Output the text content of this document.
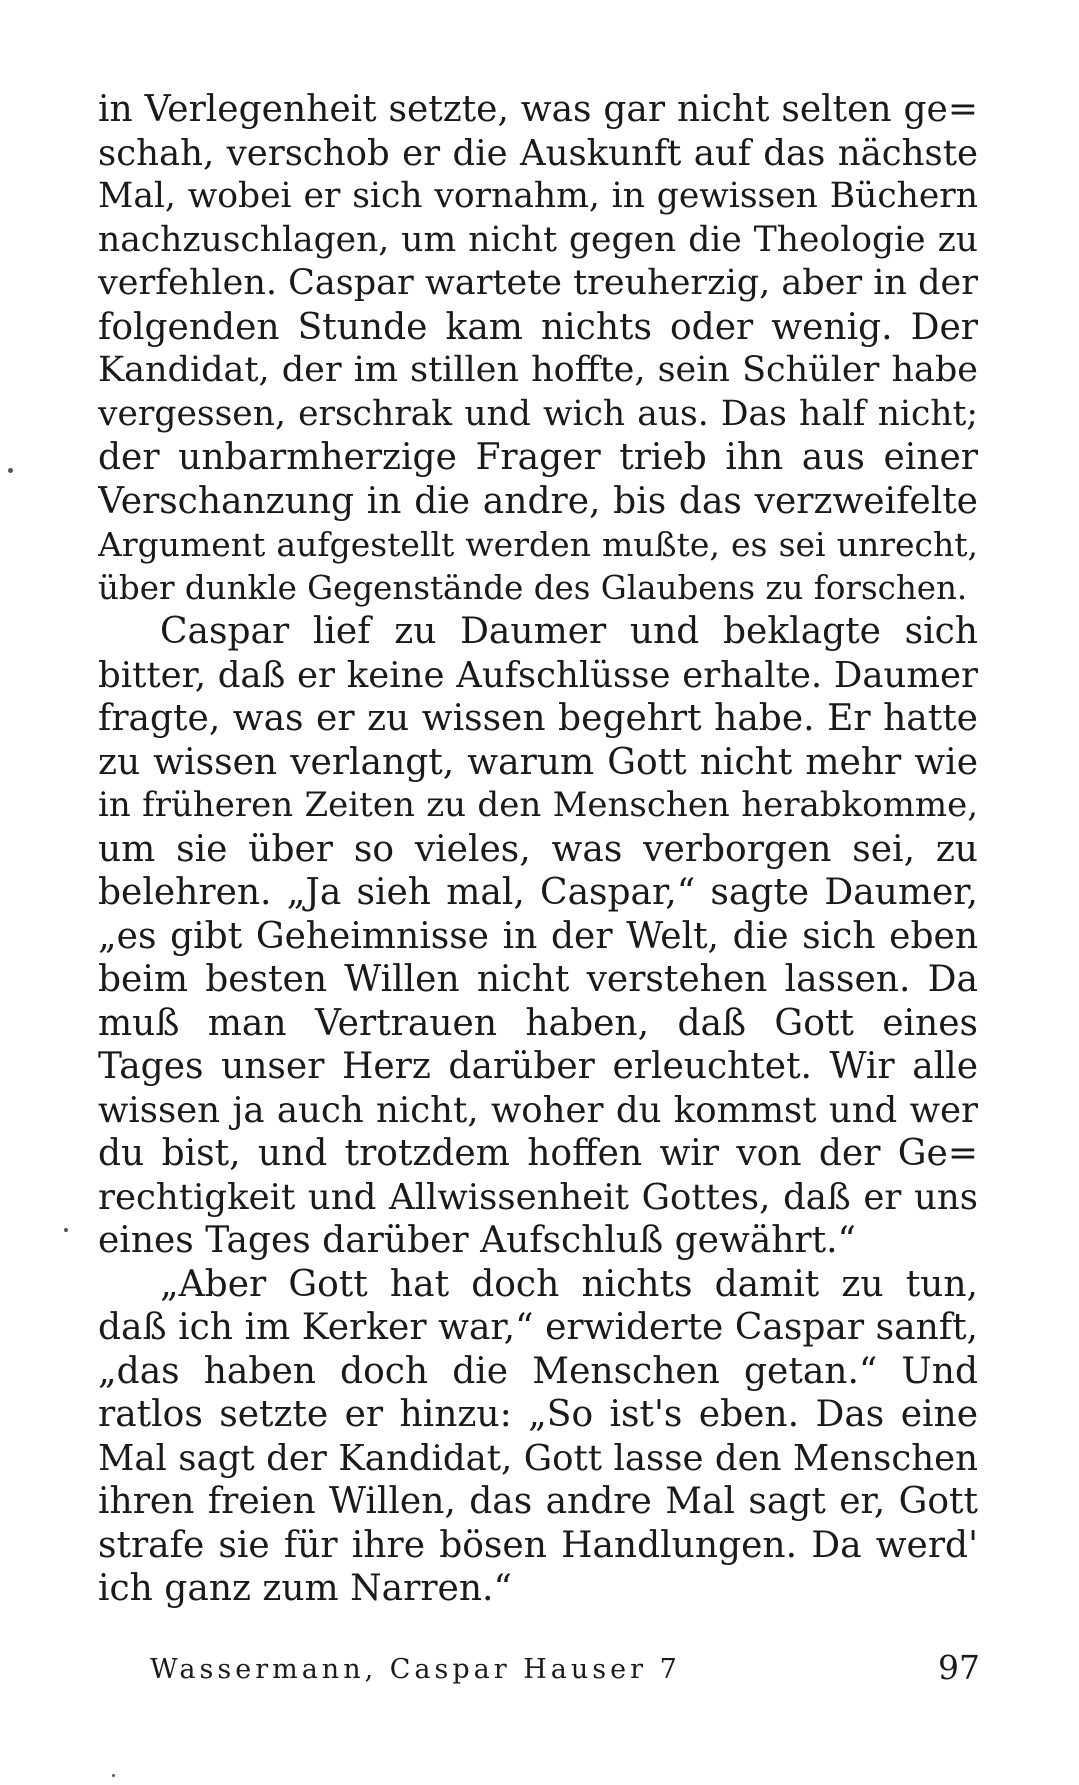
in Verlegenheit setzte, was gar nicht selten ge=
schah, verschob er die Auskunft auf das nächste
Mal, wobei er sich vornahm, in gewissen Büchern
nachzuschlagen, um nicht gegen die Theologie zu
verfehlen. Caspar wartete treuherzig, aber in der
folgenden Stunde kam nichts oder wenig. Der
Kandidat, der im stillen hoffte, sein Schüler habe
vergessen, erschrak und wich aus. Das half nicht;
der unbarmherzige Frager trieb ihn aus einer
Verschanzung in die andre, bis das verzweifelte
Argument aufgestellt werden mußte, es sei unrecht,
über dunkle Gegenstände des Glaubens zu forschen.
Caspar lief zu Daumer und beklagte sich
bitter, daß er keine Aufschlüsse erhalte. Daumer
fragte, was er zu wissen begehrt habe. Er hatte
zu wissen verlangt, warum Gott nicht mehr wie
in früheren Zeiten zu den Menschen herabkomme,
um sie über so vieles, was verborgen sei, zu
belehren. „Ja sieh mal, Caspar,“ sagte Daumer,
„es gibt Geheimnisse in der Welt, die sich eben
beim besten Willen nicht verstehen lassen. Da
muß man Vertrauen haben, daß Gott eines
Tages unser Herz darüber erleuchtet. Wir alle
wissen ja auch nicht, woher du kommst und wer
du bist, und trotzdem hoffen wir von der Ge=
rechtigkeit und Allwissenheit Gottes, daß er uns
eines Tages darüber Aufschluß gewährt.“
„Aber Gott hat doch nichts damit zu tun,
daß ich im Kerker war,“ erwiderte Caspar sanft,
„das haben doch die Menschen getan.“ Und
ratlos setzte er hinzu: „So ist's eben. Das eine
Mal sagt der Kandidat, Gott lasse den Menschen
ihren freien Willen, das andre Mal sagt er, Gott
strafe sie für ihre bösen Handlungen. Da werd'
ich ganz zum Narren.“
Wassermann, Caspar Hauser 7	97
